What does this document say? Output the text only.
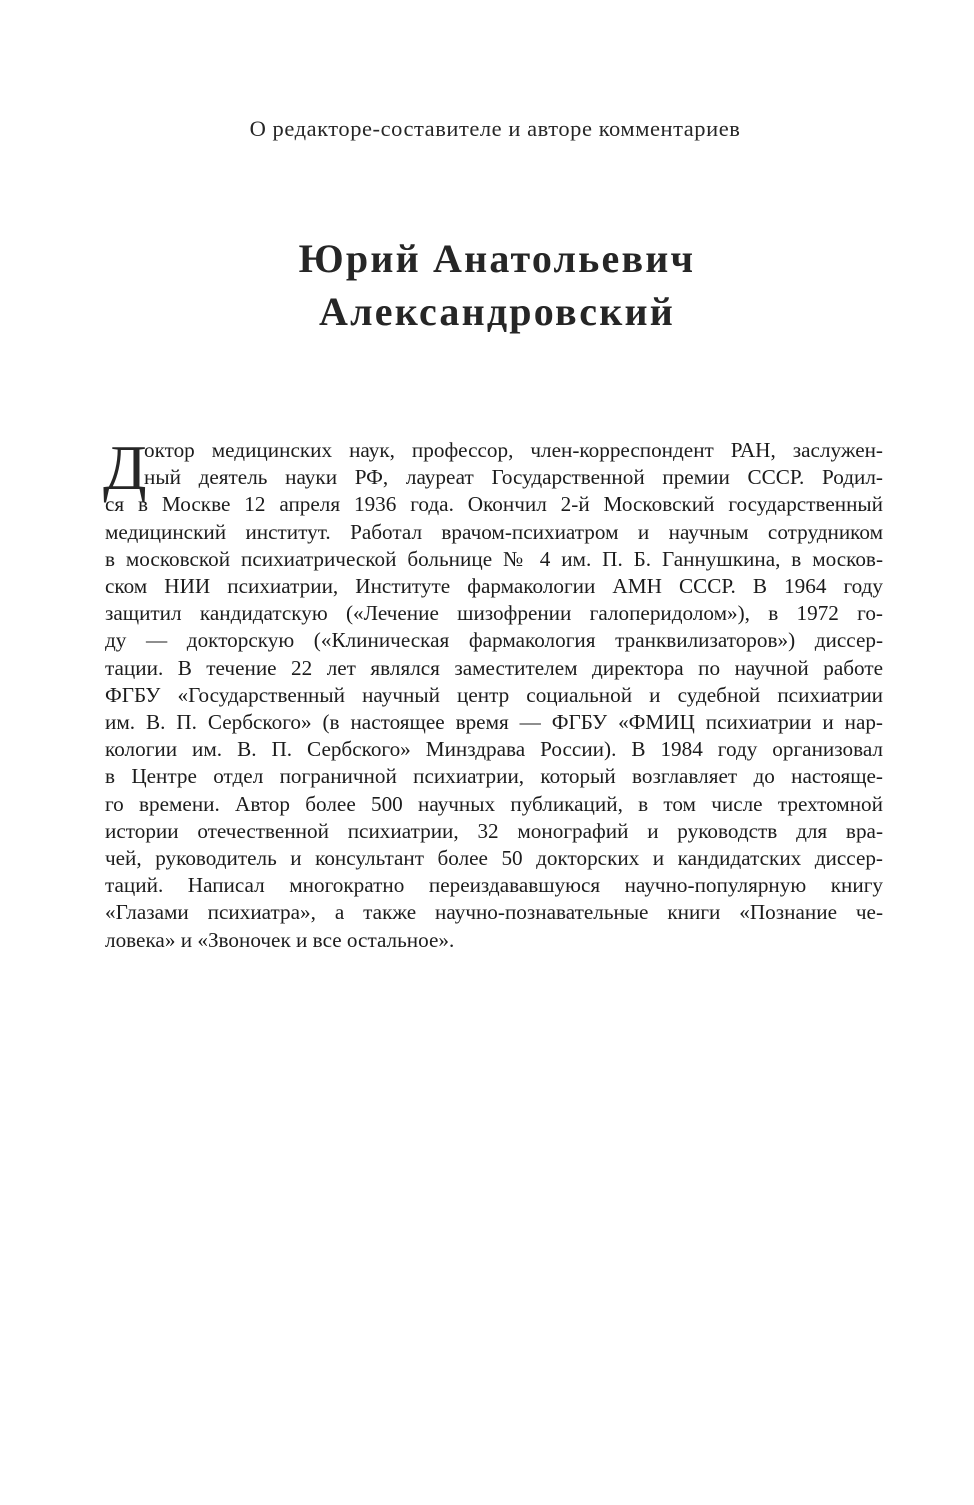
О редакторе-составителе и авторе комментариев
Юрий Анатольевич
Александровский
Д
октор медицинских наук, профессор, член-корреспондент РАН, заслужен-
ный деятель науки РФ, лауреат Государственной премии СССР. Родил-
ся в Москве 12 апреля 1936 года. Окончил 2-й Московский государственный
медицинский институт. Работал врачом-психиатром и научным сотрудником
в московской психиатрической больнице № 4 им. П. Б. Ганнушкина, в москов-
ском НИИ психиатрии, Институте фармакологии АМН СССР. В 1964 году
защитил кандидатскую («Лечение шизофрении галоперидолом»), в 1972 го-
ду — докторскую («Клиническая фармакология транквилизаторов») диссер-
тации. В течение 22 лет являлся заместителем директора по научной работе
ФГБУ «Государственный научный центр социальной и судебной психиатрии
им. В. П. Сербского» (в настоящее время — ФГБУ «ФМИЦ психиатрии и нар-
кологии им. В. П. Сербского» Минздрава России). В 1984 году организовал
в Центре отдел пограничной психиатрии, который возглавляет до настояще-
го времени. Автор более 500 научных публикаций, в том числе трехтомной
истории отечественной психиатрии, 32 монографий и руководств для вра-
чей, руководитель и консультант более 50 докторских и кандидатских диссер-
таций. Написал многократно переиздававшуюся научно-популярную книгу
«Глазами психиатра», а также научно-познавательные книги «Познание че-
ловека» и «Звоночек и все остальное».
